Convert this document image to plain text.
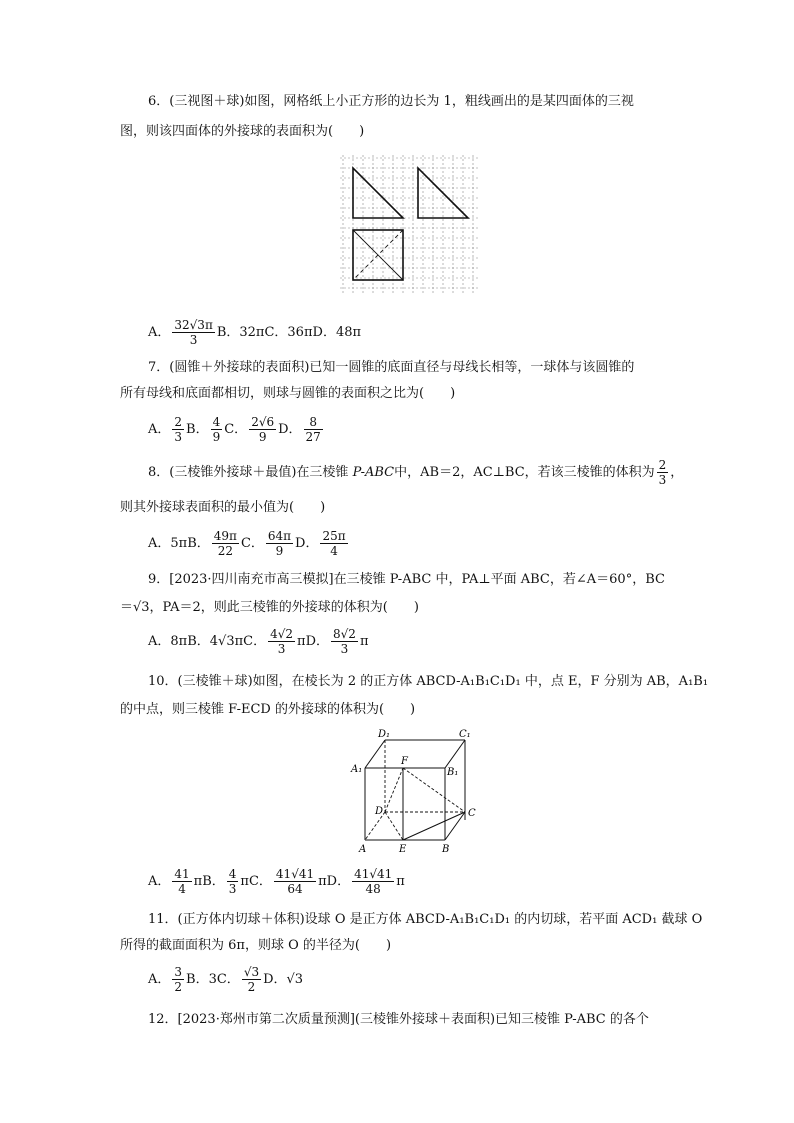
6．(三视图＋球)如图，网格纸上小正方形的边长为 1，粗线画出的是某四面体的三视
图，则该四面体的外接球的表面积为(　　)
A． $\frac{32√3\pi}{3}$ B．32πC．36πD．48π
7．(圆锥＋外接球的表面积)已知一圆锥的底面直径与母线长相等，一球体与该圆锥的
所有母线和底面都相切，则球与圆锥的表面积之比为(　　)
A． $\frac{2}{3}$ B． $\frac{4}{9}$ C． $\frac{2√6}{9}$ D． $\frac{8}{27}$
8．(三棱锥外接球＋最值)在三棱锥 P-ABC中，AB＝2，AC⊥BC，若该三棱锥的体积为 $\frac{2}{3}$ ，
则其外接球表面积的最小值为(　　)
A．5πB． $\frac{49\pi}{22}$ C． $\frac{64\pi}{9}$ D． $\frac{25\pi}{4}$
9．[2023·四川南充市高三模拟]在三棱锥 P-ABC 中，PA⊥平面 ABC，若∠A＝60°，BC
＝√3，PA＝2，则此三棱锥的外接球的体积为(　　)
A．8πB．4√3πC． $\frac{4√2}{3}$ πD． $\frac{8√2}{3}$ π
10．(三棱锥＋球)如图，在棱长为 2 的正方体 ABCD-A₁B₁C₁D₁ 中，点 E，F 分别为 AB，A₁B₁
的中点，则三棱锥 F-ECD 的外接球的体积为(　　)
D₁	C₁
A₁
F
B₁
D	C
A	E	B
A． $\frac{41}{4}$ πB． $\frac{4}{3}$ πC． $\frac{41√41}{64}$ πD． $\frac{41√41}{48}$ π
11．(正方体内切球＋体积)设球 O 是正方体 ABCD-A₁B₁C₁D₁ 的内切球，若平面 ACD₁ 截球 O
所得的截面面积为 6π，则球 O 的半径为(　　)
A． $\frac{3}{2}$ B．3C． $\frac{√3}{2}$ D．√3
12．[2023·郑州市第二次质量预测](三棱锥外接球＋表面积)已知三棱锥 P-ABC 的各个
